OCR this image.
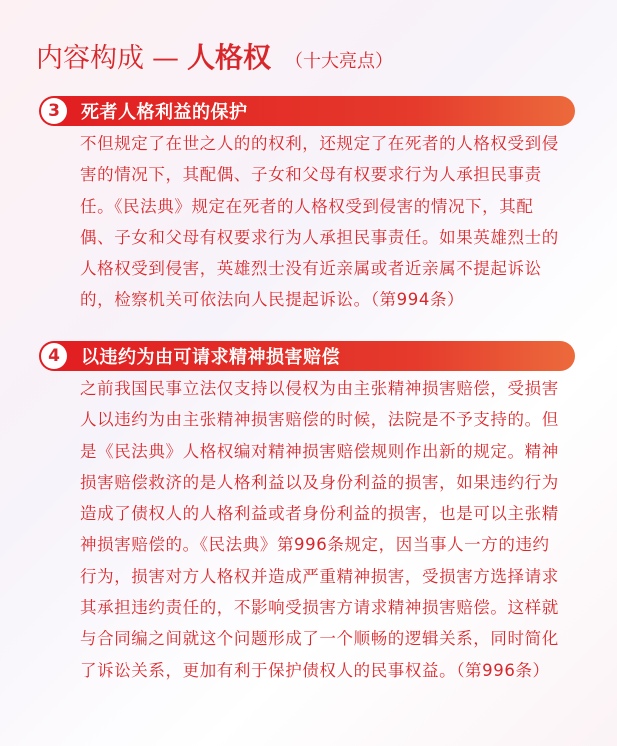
内容构成 — 人格权 （十大亮点）
3	死者人格利益的保护
不但规定了在世之人的的权利，还规定了在死者的人格权受到侵害的情况下，其配偶、子女和父母有权要求行为人承担民事责任。《民法典》规定在死者的人格权受到侵害的情况下，其配偶、子女和父母有权要求行为人承担民事责任。如果英雄烈士的人格权受到侵害，英雄烈士没有近亲属或者近亲属不提起诉讼的，检察机关可依法向人民提起诉讼。（第994条）
4	以违约为由可请求精神损害赔偿
之前我国民事立法仅支持以侵权为由主张精神损害赔偿，受损害人以违约为由主张精神损害赔偿的时候，法院是不予支持的。但是《民法典》人格权编对精神损害赔偿规则作出新的规定。精神损害赔偿救济的是人格利益以及身份利益的损害，如果违约行为造成了债权人的人格利益或者身份利益的损害，也是可以主张精神损害赔偿的。《民法典》第996条规定，因当事人一方的违约行为，损害对方人格权并造成严重精神损害，受损害方选择请求其承担违约责任的，不影响受损害方请求精神损害赔偿。这样就与合同编之间就这个问题形成了一个顺畅的逻辑关系，同时简化了诉讼关系，更加有利于保护债权人的民事权益。（第996条）
